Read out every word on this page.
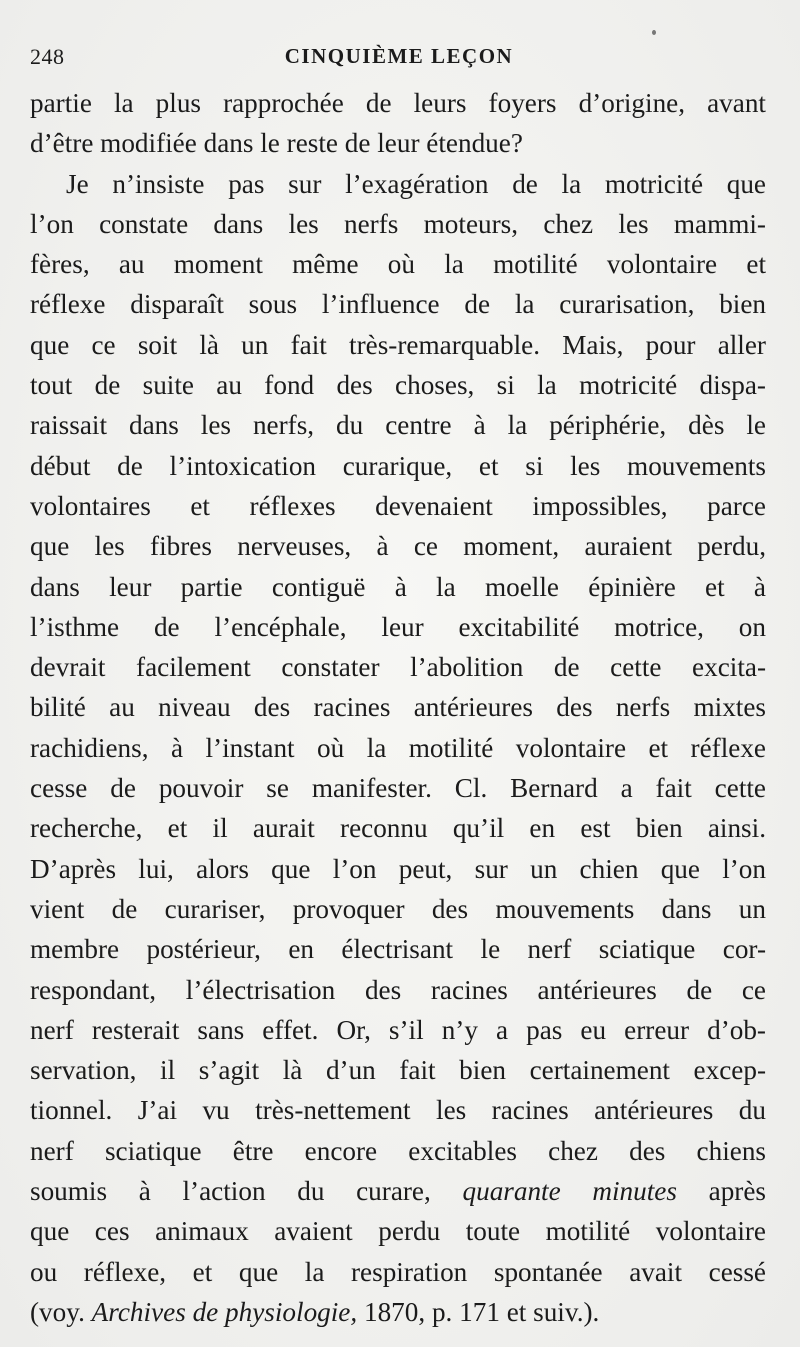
248	CINQUIÈME LEÇON
partie la plus rapprochée de leurs foyers d’origine, avant
d’être modifiée dans le reste de leur étendue?
Je n’insiste pas sur l’exagération de la motricité que
l’on constate dans les nerfs moteurs, chez les mammi-
fères, au moment même où la motilité volontaire et
réflexe disparaît sous l’influence de la curarisation, bien
que ce soit là un fait très-remarquable. Mais, pour aller
tout de suite au fond des choses, si la motricité dispa-
raissait dans les nerfs, du centre à la périphérie, dès le
début de l’intoxication curarique, et si les mouvements
volontaires et réflexes devenaient impossibles, parce
que les fibres nerveuses, à ce moment, auraient perdu,
dans leur partie contiguë à la moelle épinière et à
l’isthme de l’encéphale, leur excitabilité motrice, on
devrait facilement constater l’abolition de cette excita-
bilité au niveau des racines antérieures des nerfs mixtes
rachidiens, à l’instant où la motilité volontaire et réflexe
cesse de pouvoir se manifester. Cl. Bernard a fait cette
recherche, et il aurait reconnu qu’il en est bien ainsi.
D’après lui, alors que l’on peut, sur un chien que l’on
vient de curariser, provoquer des mouvements dans un
membre postérieur, en électrisant le nerf sciatique cor-
respondant, l’électrisation des racines antérieures de ce
nerf resterait sans effet. Or, s’il n’y a pas eu erreur d’ob-
servation, il s’agit là d’un fait bien certainement excep-
tionnel. J’ai vu très-nettement les racines antérieures du
nerf sciatique être encore excitables chez des chiens
soumis à l’action du curare, quarante minutes après
que ces animaux avaient perdu toute motilité volontaire
ou réflexe, et que la respiration spontanée avait cessé
(voy. Archives de physiologie, 1870, p. 171 et suiv.).
